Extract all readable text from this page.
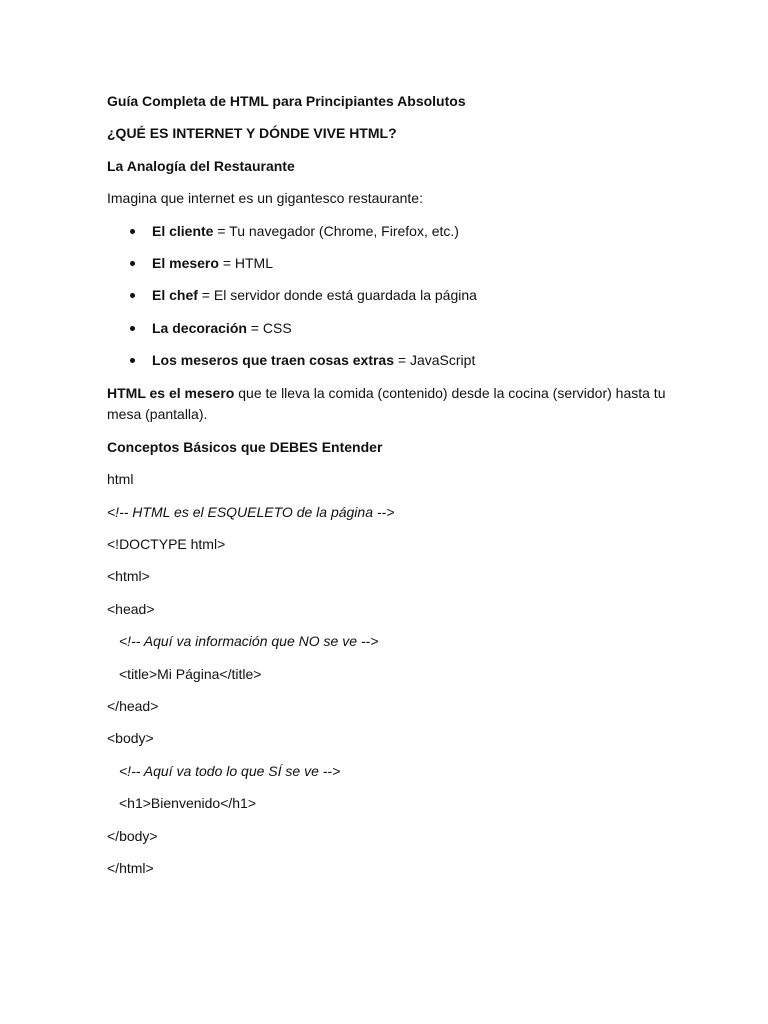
Guía Completa de HTML para Principiantes Absolutos
¿QUÉ ES INTERNET Y DÓNDE VIVE HTML?
La Analogía del Restaurante
Imagina que internet es un gigantesco restaurante:
El cliente = Tu navegador (Chrome, Firefox, etc.)
El mesero = HTML
El chef = El servidor donde está guardada la página
La decoración = CSS
Los meseros que traen cosas extras = JavaScript
HTML es el mesero que te lleva la comida (contenido) desde la cocina (servidor) hasta tu mesa (pantalla).
Conceptos Básicos que DEBES Entender
html
<!-- HTML es el ESQUELETO de la página -->
<!DOCTYPE html>
<html>
<head>
<!-- Aquí va información que NO se ve -->
<title>Mi Página</title>
</head>
<body>
<!-- Aquí va todo lo que SÍ se ve -->
<h1>Bienvenido</h1>
</body>
</html>
